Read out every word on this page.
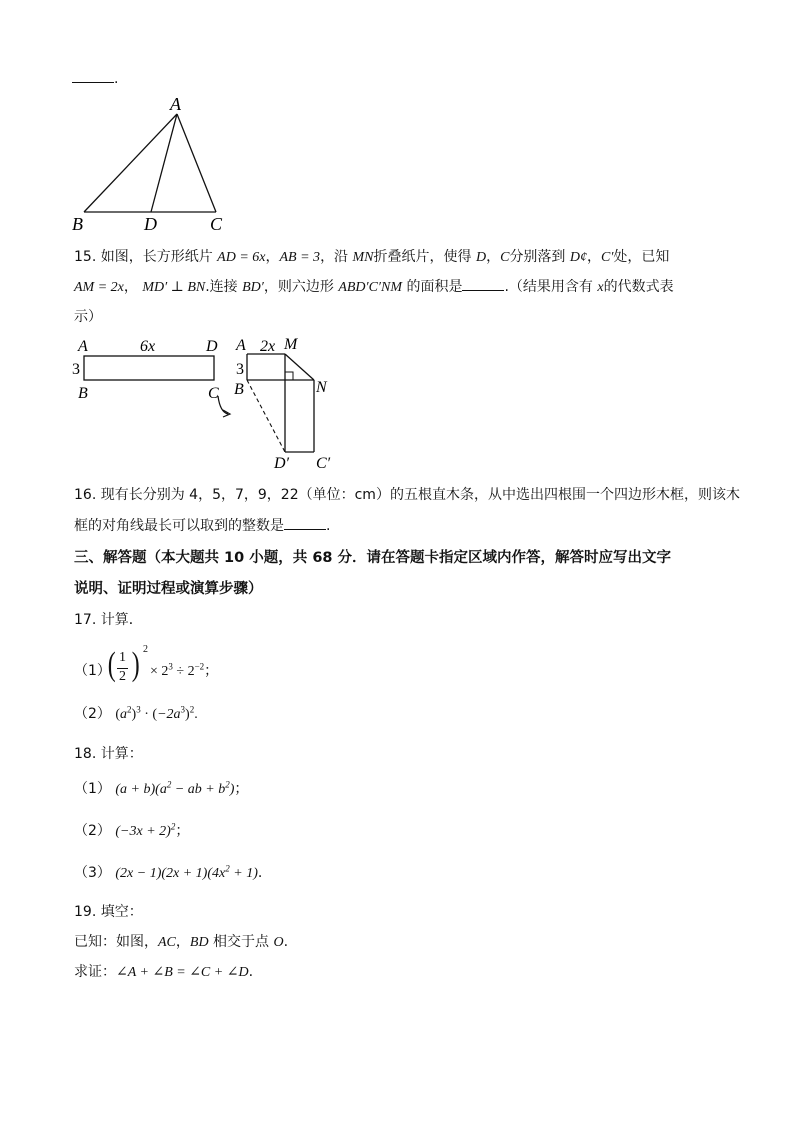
.
A
B	D	C
15. 如图，长方形纸片 AD = 6x，AB = 3，沿 MN折叠纸片，使得 D，C分别落到 D¢，C′处，已知
AM = 2x， MD′ ⊥ BN.连接 BD′，则六边形 ABD′C′NM 的面积是	.（结果用含有 x的代数式表
示）
A	6x	D
3
B	C
A 2x M
3
B	N
D′ C′
16. 现有长分别为 4，5，7，9，22（单位：cm）的五根直木条，从中选出四根围一个四边形木框，则该木
框的对角线最长可以取到的整数是	.
三、解答题（本大题共 10 小题，共 68 分．请在答题卡指定区域内作答，解答时应写出文字
说明、证明过程或演算步骤）
17. 计算．
（1）
( 1
2 ) 2
× $2^3 \div 2^{-2}$；
（2） $(a^2)^3 \cdot (-2a^3)^2$.
18. 计算：
（1） $(a + b)(a^2$ − ab + $b^2$)；
（2） $(-3x + 2)^2$；
（3） $(2x - 1)(2x + 1)(4x^2 + 1)$.
19. 填空：
已知：如图，AC，BD 相交于点 O.
求证：∠A + ∠B = ∠C + ∠D.
